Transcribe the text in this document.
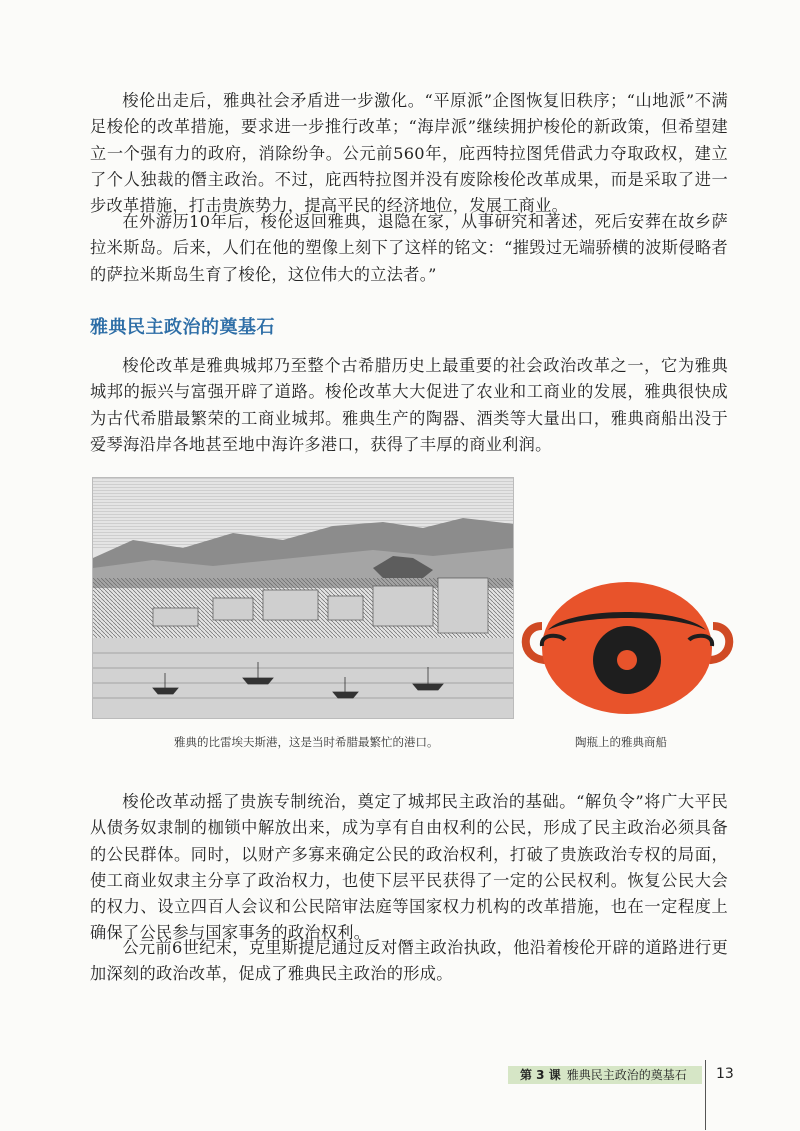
梭伦出走后，雅典社会矛盾进一步激化。“平原派”企图恢复旧秩序；“山地派”不满足梭伦的改革措施，要求进一步推行改革；“海岸派”继续拥护梭伦的新政策，但希望建立一个强有力的政府，消除纷争。公元前560年，庇西特拉图凭借武力夺取政权，建立了个人独裁的僭主政治。不过，庇西特拉图并没有废除梭伦改革成果，而是采取了进一步改革措施，打击贵族势力，提高平民的经济地位，发展工商业。

在外游历10年后，梭伦返回雅典，退隐在家，从事研究和著述，死后安葬在故乡萨拉米斯岛。后来，人们在他的塑像上刻下了这样的铭文：“摧毁过无端骄横的波斯侵略者的萨拉米斯岛生育了梭伦，这位伟大的立法者。”

雅典民主政治的奠基石

梭伦改革是雅典城邦乃至整个古希腊历史上最重要的社会政治改革之一，它为雅典城邦的振兴与富强开辟了道路。梭伦改革大大促进了农业和工商业的发展，雅典很快成为古代希腊最繁荣的工商业城邦。雅典生产的陶器、酒类等大量出口，雅典商船出没于爱琴海沿岸各地甚至地中海许多港口，获得了丰厚的商业利润。

雅典的比雷埃夫斯港，这是当时希腊最繁忙的港口。	陶瓶上的雅典商船

梭伦改革动摇了贵族专制统治，奠定了城邦民主政治的基础。“解负令”将广大平民从债务奴隶制的枷锁中解放出来，成为享有自由权利的公民，形成了民主政治必须具备的公民群体。同时，以财产多寡来确定公民的政治权利，打破了贵族政治专权的局面，使工商业奴隶主分享了政治权力，也使下层平民获得了一定的公民权利。恢复公民大会的权力、设立四百人会议和公民陪审法庭等国家权力机构的改革措施，也在一定程度上确保了公民参与国家事务的政治权利。

公元前6世纪末，克里斯提尼通过反对僭主政治执政，他沿着梭伦开辟的道路进行更加深刻的政治改革，促成了雅典民主政治的形成。

第 3 课 雅典民主政治的奠基石	13
